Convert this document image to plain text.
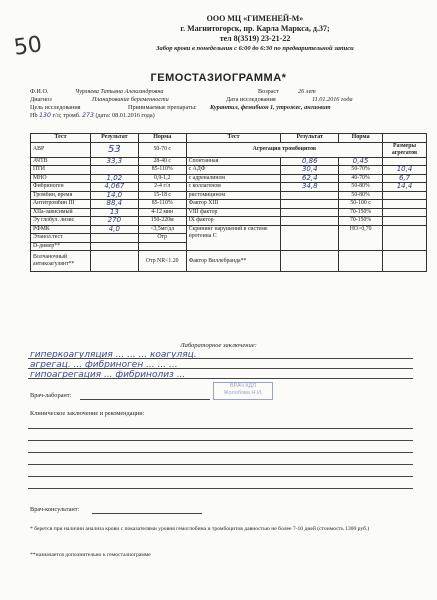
50
ООО МЦ «ГИМЕНЕЙ-М»
г. Магнитогорск, пр. Карла Маркса, д.37;
тел 8(3519) 23-21-22
Забор крови в понедельник с 6:00 до 6:30 по предварительной записи
ГЕМОСТАЗИОГРАММА*
Ф.И.О.	Чурляева Татьяна Александровна	Возраст	26 лет
Диагноз	Планирование беременности	Дата исследования	11.01.2016 года
Цель исследования	Принимаемые препараты: Курантил, фемибион 1, утрожес, ангиовит
Hb 130 г/л; тромб. 273 (дата: 08.01.2016 года)
Тест	Результат	Норма	Тест	Результат	Норма	
АВР	53	50-70 с	Агрегация тромбоцитов			Размеры агрегатов
АЧТВ	33,3	28-40 с	Спонтанная	0,86	0,45	
ПТИ		85-110%	с АДФ	30,4	50-70%	10,4
МНО	1,02	0,9-1,2	с адреналином	62,4	40-70%	6,7
Фибриноген	4,067	2-4 г/л	с коллагеном	34,8	50-80%	14,4
Тромбин, время	14,0	15-18 с	ристомицином		50-80%	
Антитромбин III	88,4	85-110%	Фактор ХIII		50-100 с	
ХIIa-зависимый	13	4-12 мин	VIII фактор		70-150%	
Эу глобул. лизис	270	150-220м	IX фактор		70-150%	
РФМК	4,0	<3,5мг/дл	Скрининг нарушений в системе протеина С		НО>0,70	
Этанол.тест		Отр				
D-димер**						
Волчаночный антикоагулянт**		Отр NR<1.20	Фактор Виллебранда**			
Лабораторное заключение:
гиперкоагуляция ... ... ... коагуляц.
агрегац. ... фибриноген ... ... ...
гипоагрегация ... фибринолиз ...
Врач-лаборант:
ВРАЧ КДЛ
Жолобова Н.И.
Клиническое заключение и рекомендации:
Врач-консультант:
* берется при наличии анализа крови с показателями уровня гемоглобина и тромбоцитов давностью не более 7-10 дней (стоимость 1300 руб.)
**назначается дополнительно к гемостазиограмме
